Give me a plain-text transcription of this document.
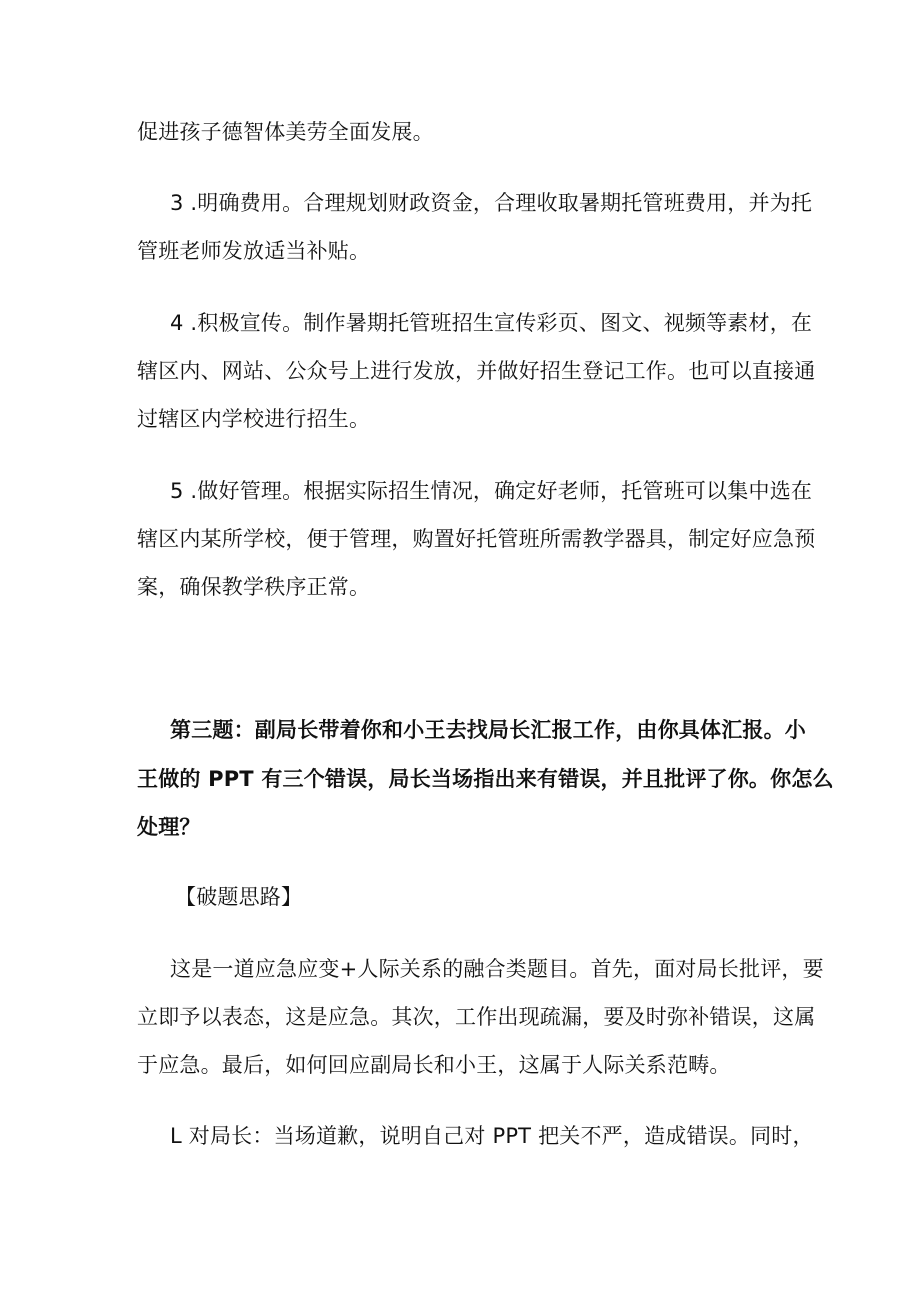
促进孩子德智体美劳全面发展。
3 .明确费用。合理规划财政资金，合理收取暑期托管班费用，并为托
管班老师发放适当补贴。
4 .积极宣传。制作暑期托管班招生宣传彩页、图文、视频等素材，在
辖区内、网站、公众号上进行发放，并做好招生登记工作。也可以直接通
过辖区内学校进行招生。
5 .做好管理。根据实际招生情况，确定好老师，托管班可以集中选在
辖区内某所学校，便于管理，购置好托管班所需教学器具，制定好应急预
案，确保教学秩序正常。
第三题：副局长带着你和小王去找局长汇报工作，由你具体汇报。小
王做的 PPT 有三个错误，局长当场指出来有错误，并且批评了你。你怎么
处理？
【破题思路】
这是一道应急应变+人际关系的融合类题目。首先，面对局长批评，要
立即予以表态，这是应急。其次，工作出现疏漏，要及时弥补错误，这属
于应急。最后，如何回应副局长和小王，这属于人际关系范畴。
L 对局长：当场道歉，说明自己对 PPT 把关不严，造成错误。同时，
